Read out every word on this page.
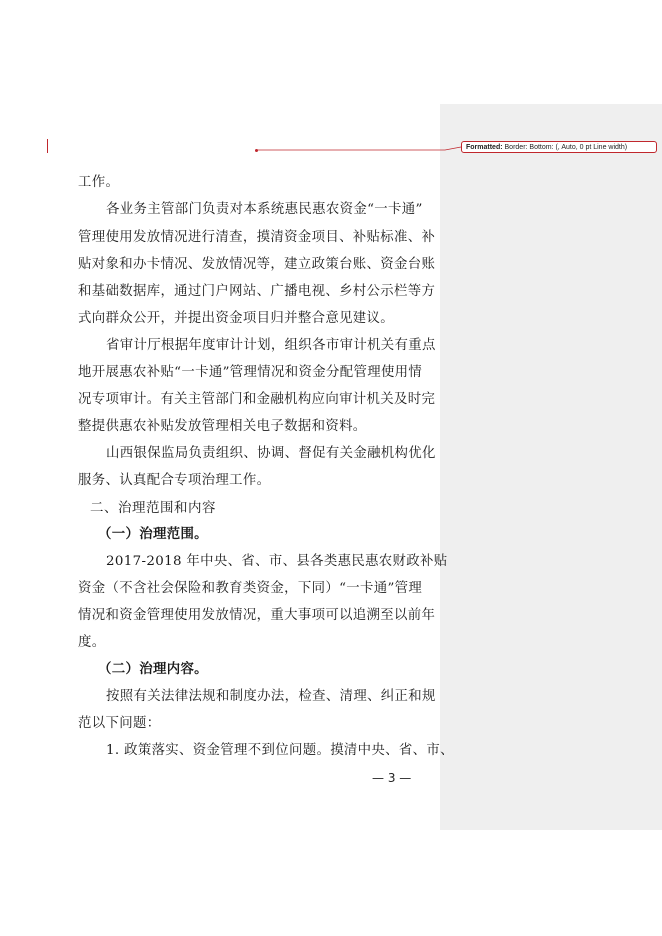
Formatted: Border: Bottom: (, Auto, 0 pt Line width)
工作。
各业务主管部门负责对本系统惠民惠农资金“一卡通”
管理使用发放情况进行清查，摸清资金项目、补贴标准、补
贴对象和办卡情况、发放情况等，建立政策台账、资金台账
和基础数据库，通过门户网站、广播电视、乡村公示栏等方
式向群众公开，并提出资金项目归并整合意见建议。
省审计厅根据年度审计计划，组织各市审计机关有重点
地开展惠农补贴“一卡通”管理情况和资金分配管理使用情
况专项审计。有关主管部门和金融机构应向审计机关及时完
整提供惠农补贴发放管理相关电子数据和资料。
山西银保监局负责组织、协调、督促有关金融机构优化
服务、认真配合专项治理工作。
二、治理范围和内容
（一）治理范围。
2017-2018 年中央、省、市、县各类惠民惠农财政补贴
资金（不含社会保险和教育类资金，下同）“一卡通”管理
情况和资金管理使用发放情况，重大事项可以追溯至以前年
度。
（二）治理内容。
按照有关法律法规和制度办法，检查、清理、纠正和规
范以下问题：
1. 政策落实、资金管理不到位问题。摸清中央、省、市、
— 3 —
